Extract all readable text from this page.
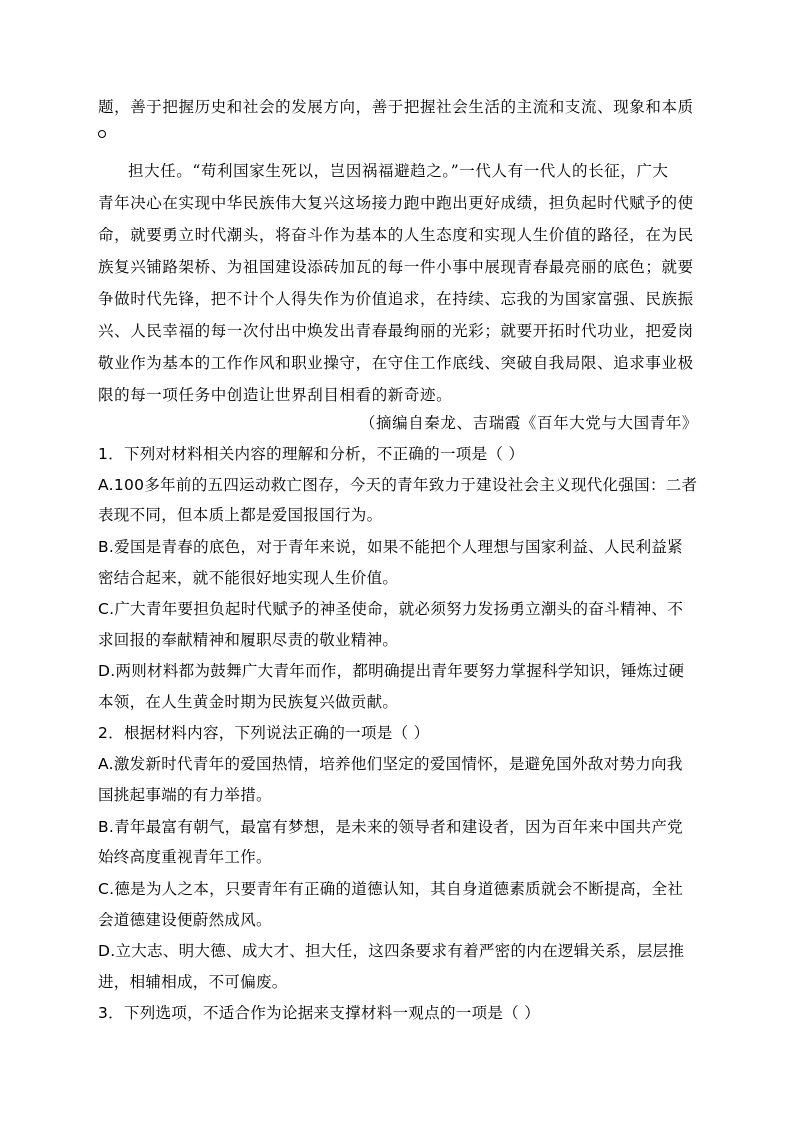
题，善于把握历史和社会的发展方向，善于把握社会生活的主流和支流、现象和本质
担大任。“苟利国家生死以，岂因祸福避趋之。”一代人有一代人的长征，广大
青年决心在实现中华民族伟大复兴这场接力跑中跑出更好成绩，担负起时代赋予的使
命，就要勇立时代潮头，将奋斗作为基本的人生态度和实现人生价值的路径，在为民
族复兴铺路架桥、为祖国建设添砖加瓦的每一件小事中展现青春最亮丽的底色；就要
争做时代先锋，把不计个人得失作为价值追求，在持续、忘我的为国家富强、民族振
兴、人民幸福的每一次付出中焕发出青春最绚丽的光彩；就要开拓时代功业，把爱岗
敬业作为基本的工作作风和职业操守，在守住工作底线、突破自我局限、追求事业极
限的每一项任务中创造让世界刮目相看的新奇迹。
（摘编自秦龙、吉瑞霞《百年大党与大国青年》
1．下列对材料相关内容的理解和分析，不正确的一项是（ ）
A.100多年前的五四运动救亡图存，今天的青年致力于建设社会主义现代化强国：二者
表现不同，但本质上都是爱国报国行为。
B.爱国是青春的底色，对于青年来说，如果不能把个人理想与国家利益、人民利益紧
密结合起来，就不能很好地实现人生价值。
C.广大青年要担负起时代赋予的神圣使命，就必须努力发扬勇立潮头的奋斗精神、不
求回报的奉献精神和履职尽责的敬业精神。
D.两则材料都为鼓舞广大青年而作，都明确提出青年要努力掌握科学知识，锤炼过硬
本领，在人生黄金时期为民族复兴做贡献。
2．根据材料内容，下列说法正确的一项是（ ）
A.激发新时代青年的爱国热情，培养他们坚定的爱国情怀，是避免国外敌对势力向我
国挑起事端的有力举措。
B.青年最富有朝气，最富有梦想，是未来的领导者和建设者，因为百年来中国共产党
始终高度重视青年工作。
C.德是为人之本，只要青年有正确的道德认知，其自身道德素质就会不断提高，全社
会道德建设便蔚然成风。
D.立大志、明大德、成大才、担大任，这四条要求有着严密的内在逻辑关系，层层推
进，相辅相成，不可偏废。
3．下列选项，不适合作为论据来支撑材料一观点的一项是（ ）
